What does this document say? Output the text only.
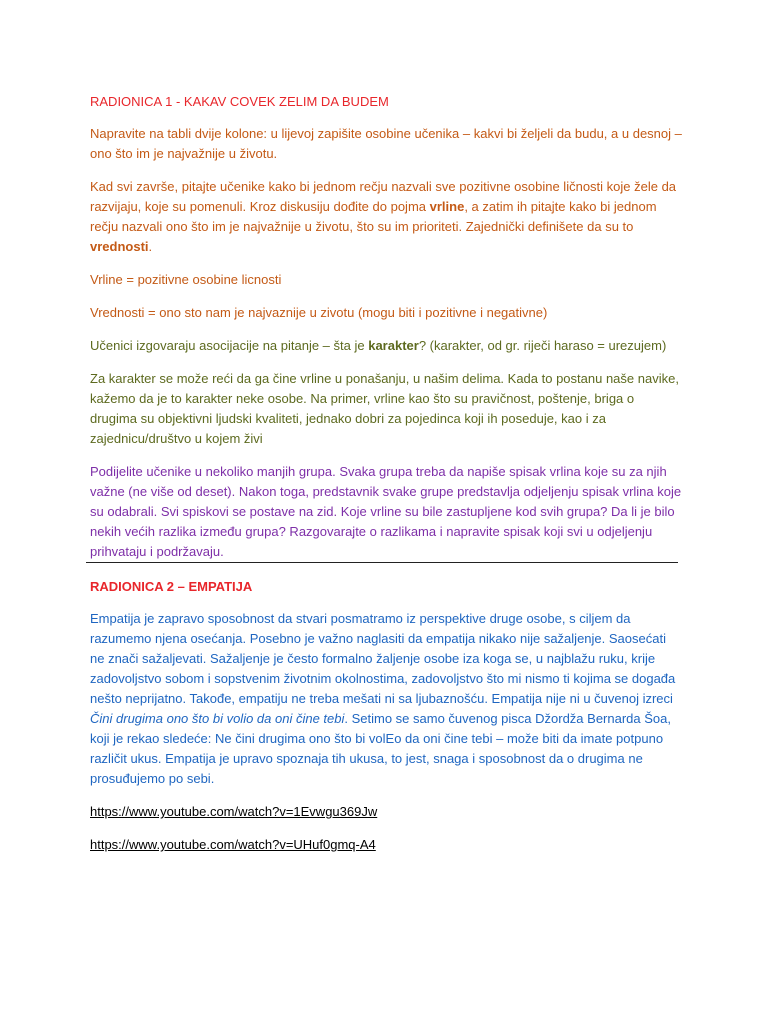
RADIONICA 1 - KAKAV COVEK ZELIM DA BUDEM

Napravite na tabli dvije kolone: u lijevoj zapišite osobine učenika – kakvi bi željeli da budu, a u desnoj – ono što im je najvažnije u životu.

Kad svi završe, pitajte učenike kako bi jednom rečju nazvali sve pozitivne osobine ličnosti koje žele da razvijaju, koje su pomenuli. Kroz diskusiju dođite do pojma vrline, a zatim ih pitajte kako bi jednom rečju nazvali ono što im je najvažnije u životu, što su im prioriteti. Zajednički definišete da su to vrednosti.

Vrline = pozitivne osobine licnosti

Vrednosti = ono sto nam je najvaznije u zivotu (mogu biti i pozitivne i negativne)

Učenici izgovaraju asocijacije na pitanje – šta je karakter? (karakter, od gr. riječi haraso = urezujem)

Za karakter se može reći da ga čine vrline u ponašanju, u našim delima. Kada to postanu naše navike, kažemo da je to karakter neke osobe. Na primer, vrline kao što su pravičnost, poštenje, briga o drugima su objektivni ljudski kvaliteti, jednako dobri za pojedinca koji ih poseduje, kao i za zajednicu/društvo u kojem živi

Podijelite učenike u nekoliko manjih grupa. Svaka grupa treba da napiše spisak vrlina koje su za njih važne (ne više od deset). Nakon toga, predstavnik svake grupe predstavlja odjeljenju spisak vrlina koje su odabrali. Svi spiskovi se postave na zid. Koje vrline su bile zastupljene kod svih grupa? Da li je bilo nekih većih razlika između grupa? Razgovarajte o razlikama i napravite spisak koji svi u odjeljenju prihvataju i podržavaju.

RADIONICA 2 – EMPATIJA

Empatija je zapravo sposobnost da stvari posmatramo iz perspektive druge osobe, s ciljem da razumemo njena osećanja. Posebno je važno naglasiti da empatija nikako nije sažaljenje. Saosećati ne znači sažaljevati. Sažaljenje je često formalno žaljenje osobe iza koga se, u najblažu ruku, krije zadovoljstvo sobom i sopstvenim životnim okolnostima, zadovoljstvo što mi nismo ti kojima se događa nešto neprijatno. Takođe, empatiju ne treba mešati ni sa ljubaznošću. Empatija nije ni u čuvenoj izreci Čini drugima ono što bi volio da oni čine tebi. Setimo se samo čuvenog pisca Džordža Bernarda Šoa, koji je rekao sledeće: Ne čini drugima ono što bi volEo da oni čine tebi – može biti da imate potpuno različit ukus. Empatija je upravo spoznaja tih ukusa, to jest, snaga i sposobnost da o drugima ne prosuđujemo po sebi.

https://www.youtube.com/watch?v=1Evwgu369Jw

https://www.youtube.com/watch?v=UHuf0gmq-A4
